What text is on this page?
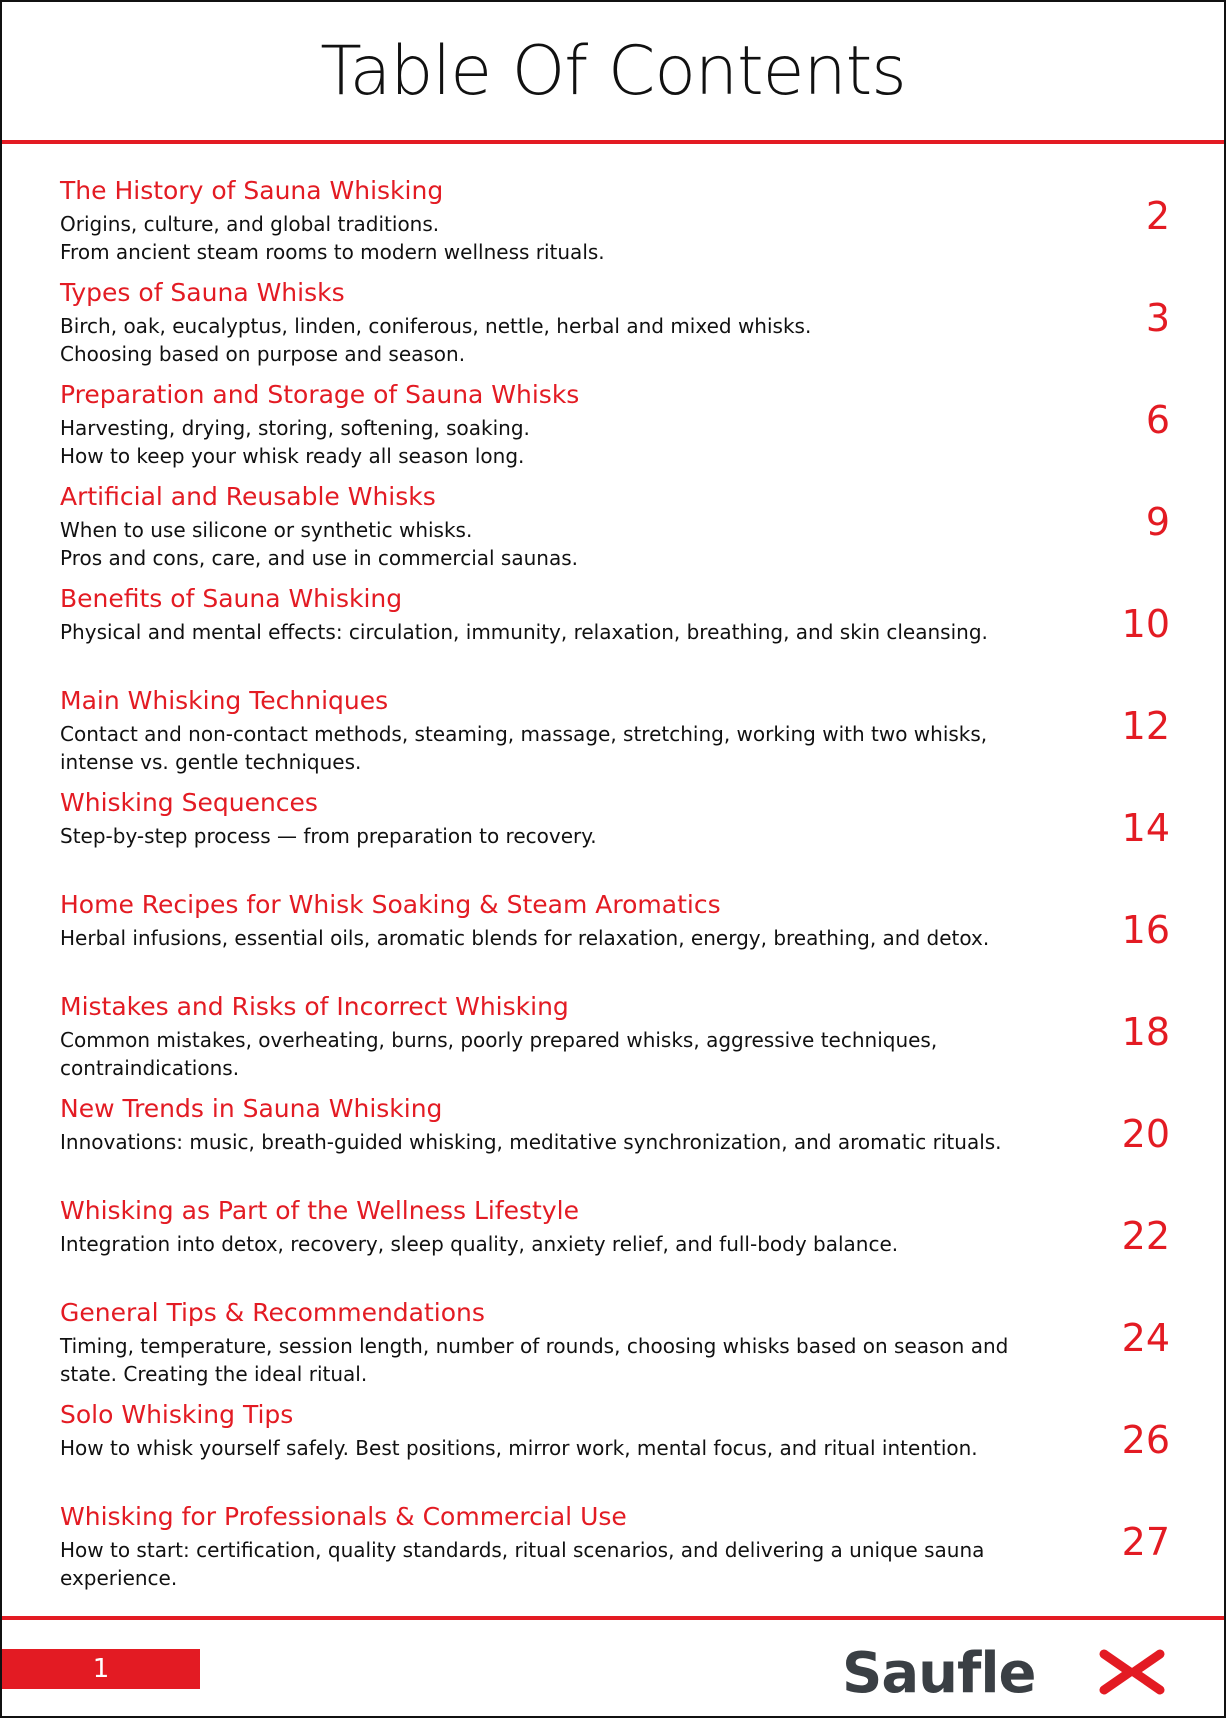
Table Of Contents
The History of Sauna Whisking
Origins, culture, and global traditions.
From ancient steam rooms to modern wellness rituals.
2
Types of Sauna Whisks
Birch, oak, eucalyptus, linden, coniferous, nettle, herbal and mixed whisks.
Choosing based on purpose and season.
3
Preparation and Storage of Sauna Whisks
Harvesting, drying, storing, softening, soaking.
How to keep your whisk ready all season long.
6
Artificial and Reusable Whisks
When to use silicone or synthetic whisks.
Pros and cons, care, and use in commercial saunas.
9
Benefits of Sauna Whisking
Physical and mental effects: circulation, immunity, relaxation, breathing, and skin cleansing.	10
Main Whisking Techniques
Contact and non-contact methods, steaming, massage, stretching, working with two whisks, intense vs. gentle techniques.
12
Whisking Sequences
Step-by-step process — from preparation to recovery.	14
Home Recipes for Whisk Soaking & Steam Aromatics
Herbal infusions, essential oils, aromatic blends for relaxation, energy, breathing, and detox.	16
Mistakes and Risks of Incorrect Whisking
Common mistakes, overheating, burns, poorly prepared whisks, aggressive techniques, contraindications.
18
New Trends in Sauna Whisking
Innovations: music, breath-guided whisking, meditative synchronization, and aromatic rituals.	20
Whisking as Part of the Wellness Lifestyle
Integration into detox, recovery, sleep quality, anxiety relief, and full-body balance.	22
General Tips & Recommendations
Timing, temperature, session length, number of rounds, choosing whisks based on season and state. Creating the ideal ritual.
24
Solo Whisking Tips
How to whisk yourself safely. Best positions, mirror work, mental focus, and ritual intention.	26
Whisking for Professionals & Commercial Use
How to start: certification, quality standards, ritual scenarios, and delivering a unique sauna experience.
27
1	Saufle
